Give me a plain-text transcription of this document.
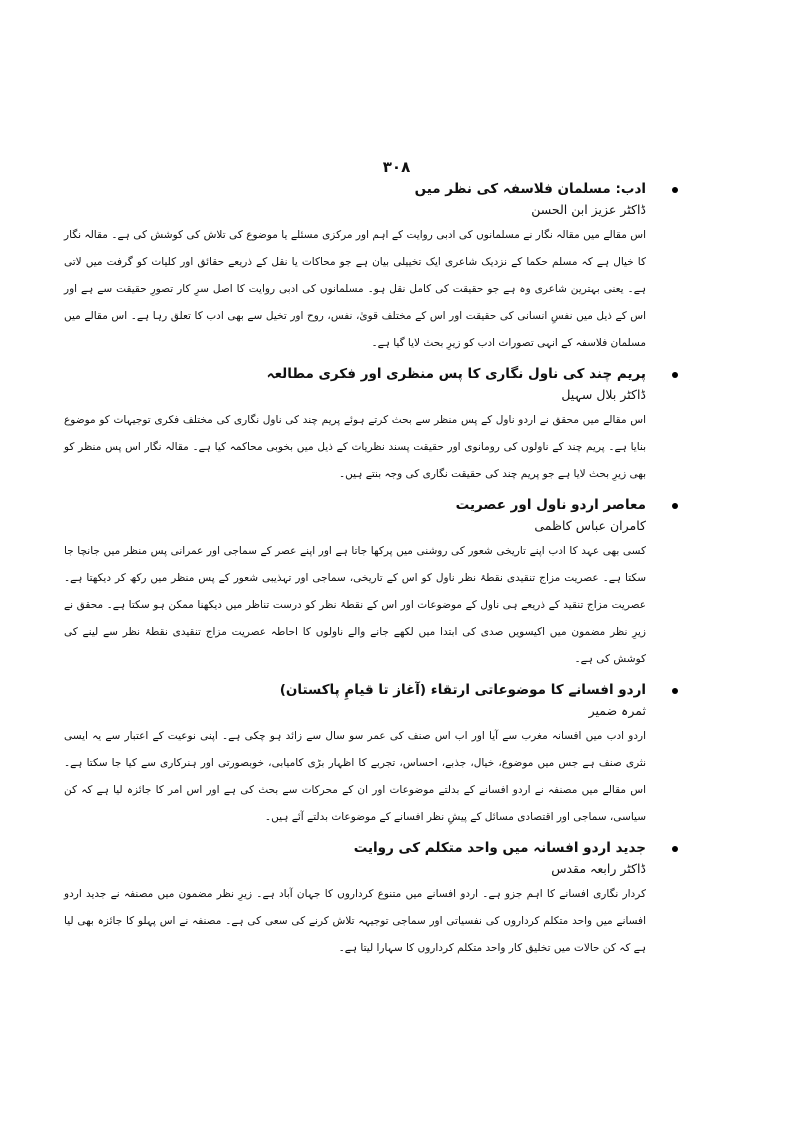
۳۰۸
ادب: مسلمان فلاسفہ کی نظر میں
ڈاکٹر عزیز ابن الحسن
اس مقالے میں مقالہ نگار نے مسلمانوں کی ادبی روایت کے اہم اور مرکزی مسئلے یا موضوع کی تلاش کی کوشش کی ہے۔ مقالہ نگار کا خیال ہے کہ مسلم حکما کے نزدیک شاعری ایک تخییلی بیان ہے جو محاکات یا نقل کے ذریعے حقائق اور کلیات کو گرفت میں لاتی ہے۔ یعنی بہترین شاعری وہ ہے جو حقیقت کی کامل نقل ہو۔ مسلمانوں کی ادبی روایت کا اصل سرِ کار تصورِ حقیقت سے ہے اور اس کے ذیل میں نفسِ انسانی کی حقیقت اور اس کے مختلف قویٰ، نفس، روح اور تخیل سے بھی ادب کا تعلق رہا ہے۔ اس مقالے میں مسلمان فلاسفہ کے انہی تصورات ادب کو زیرِ بحث لایا گیا ہے۔
پریم چند کی ناول نگاری کا پس منظری اور فکری مطالعہ
ڈاکٹر بلال سہیل
اس مقالے میں محقق نے اردو ناول کے پس منظر سے بحث کرتے ہوئے پریم چند کی ناول نگاری کی مختلف فکری توجیہات کو موضوع بنایا ہے۔ پریم چند کے ناولوں کی رومانوی اور حقیقت پسند نظریات کے ذیل میں بخوبی محاکمہ کیا ہے۔ مقالہ نگار اس پس منظر کو بھی زیرِ بحث لایا ہے جو پریم چند کی حقیقت نگاری کی وجہ بنتے ہیں۔
معاصر اردو ناول اور عصریت
کامران عباس کاظمی
کسی بھی عہد کا ادب اپنے تاریخی شعور کی روشنی میں پرکھا جاتا ہے اور اپنے عصر کے سماجی اور عمرانی پس منظر میں جانچا جا سکتا ہے۔ عصریت مزاج تنقیدی نقطۂ نظر ناول کو اس کے تاریخی، سماجی اور تہذیبی شعور کے پس منظر میں رکھ کر دیکھتا ہے۔ عصریت مزاج تنقید کے ذریعے ہی ناول کے موضوعات اور اس کے نقطۂ نظر کو درست تناظر میں دیکھنا ممکن ہو سکتا ہے۔ محقق نے زیرِ نظر مضمون میں اکیسویں صدی کی ابتدا میں لکھے جانے والے ناولوں کا احاطہ عصریت مزاج تنقیدی نقطۂ نظر سے لینے کی کوشش کی ہے۔
اردو افسانے کا موضوعاتی ارتقاء (آغاز تا قیامِ پاکستان)
ثمرہ ضمیر
اردو ادب میں افسانہ مغرب سے آیا اور اب اس صنف کی عمر سو سال سے زائد ہو چکی ہے۔ اپنی نوعیت کے اعتبار سے یہ ایسی نثری صنف ہے جس میں موضوع، خیال، جذبے، احساس، تجربے کا اظہار بڑی کامیابی، خوبصورتی اور ہنرکاری سے کیا جا سکتا ہے۔ اس مقالے میں مصنفہ نے اردو افسانے کے بدلتے موضوعات اور ان کے محرکات سے بحث کی ہے اور اس امر کا جائزہ لیا ہے کہ کن سیاسی، سماجی اور اقتصادی مسائل کے پیشِ نظر افسانے کے موضوعات بدلتے آئے ہیں۔
جدید اردو افسانہ میں واحد متکلم کی روایت
ڈاکٹر رابعہ مقدس
کردار نگاری افسانے کا اہم جزو ہے۔ اردو افسانے میں متنوع کرداروں کا جہان آباد ہے۔ زیرِ نظر مضمون میں مصنفہ نے جدید اردو افسانے میں واحد متکلم کرداروں کی نفسیاتی اور سماجی توجیہہ تلاش کرنے کی سعی کی ہے۔ مصنفہ نے اس پہلو کا جائزہ بھی لیا ہے کہ کن حالات میں تخلیق کار واحد متکلم کرداروں کا سہارا لیتا ہے۔
